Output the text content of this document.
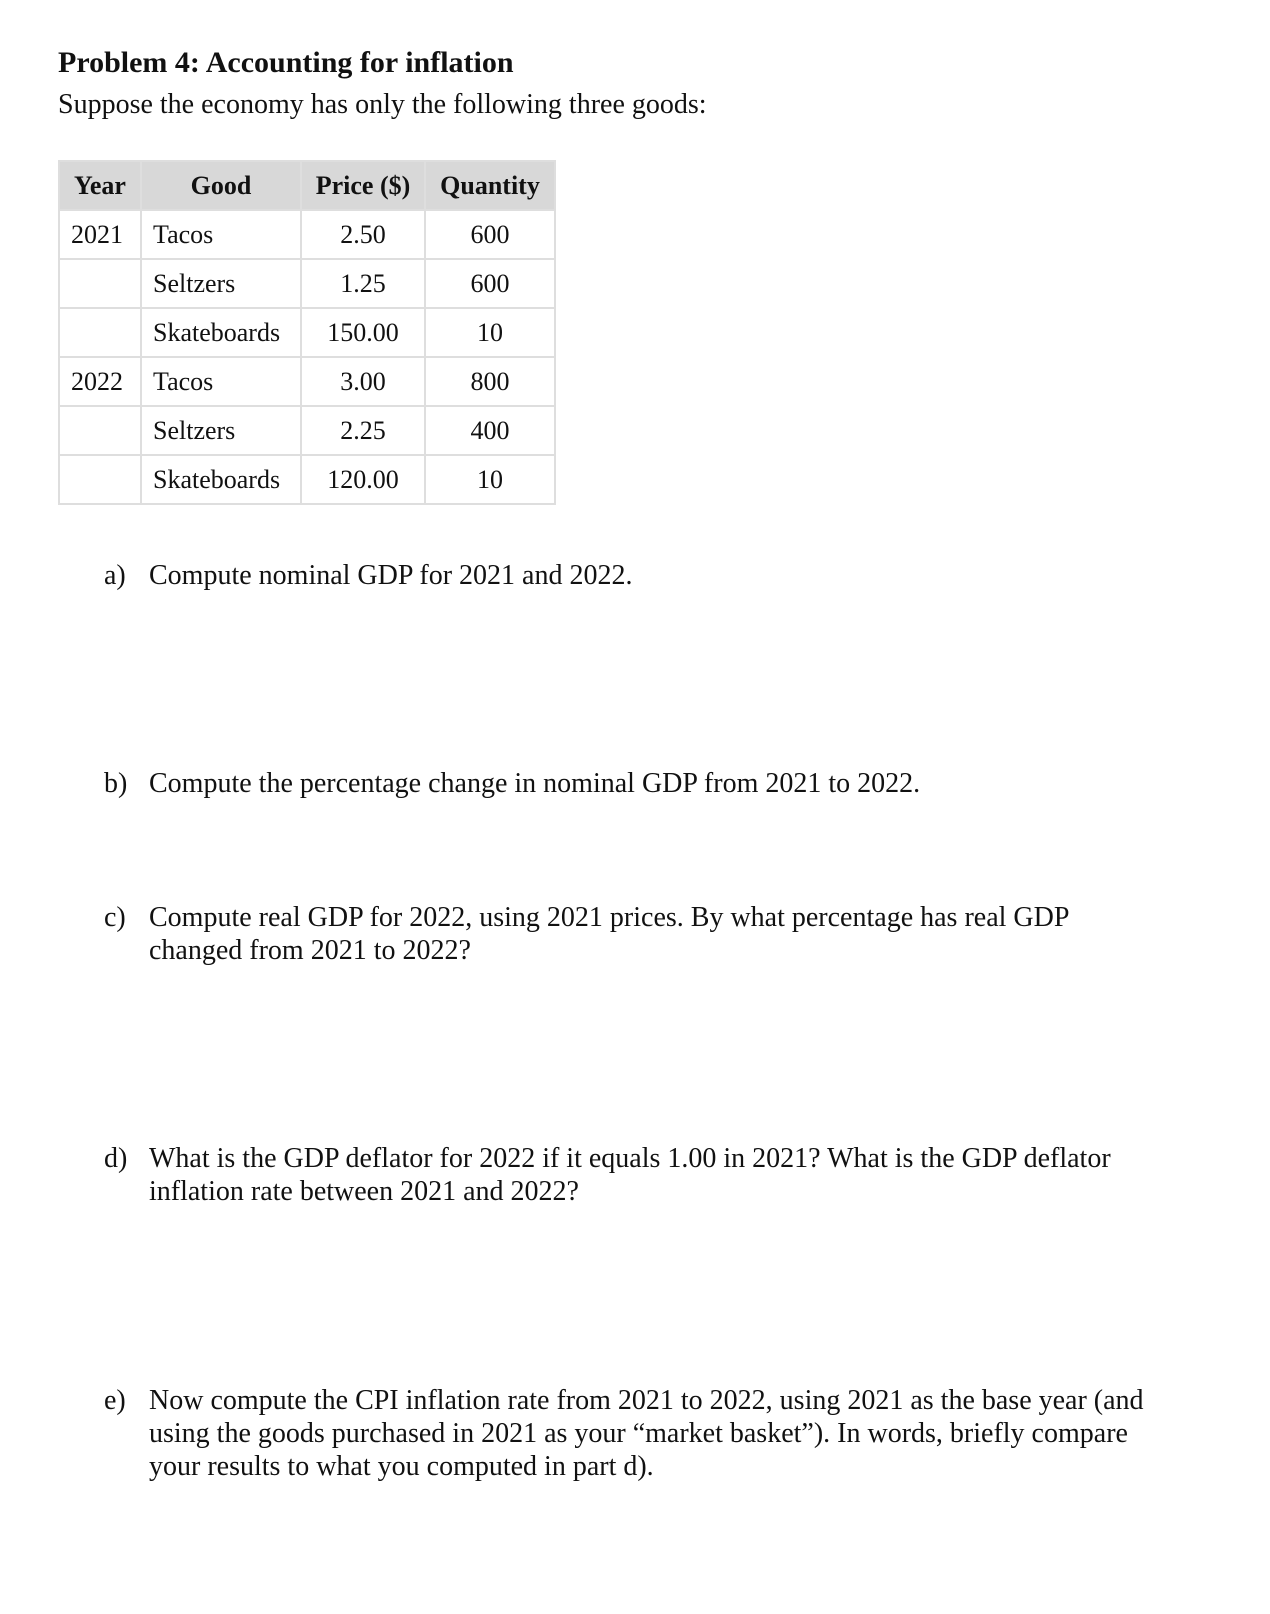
Problem 4: Accounting for inflation

Suppose the economy has only the following three goods:

Year	Good	Price ($)	Quantity
2021	Tacos	2.50	600
	Seltzers	1.25	600
	Skateboards	150.00	10
2022	Tacos	3.00	800
	Seltzers	2.25	400
	Skateboards	120.00	10
a) Compute nominal GDP for 2021 and 2022.
b) Compute the percentage change in nominal GDP from 2021 to 2022.
c) Compute real GDP for 2022, using 2021 prices. By what percentage has real GDP changed from 2021 to 2022?
d) What is the GDP deflator for 2022 if it equals 1.00 in 2021? What is the GDP deflator inflation rate between 2021 and 2022?
e) Now compute the CPI inflation rate from 2021 to 2022, using 2021 as the base year (and using the goods purchased in 2021 as your “market basket”). In words, briefly compare your results to what you computed in part d).
